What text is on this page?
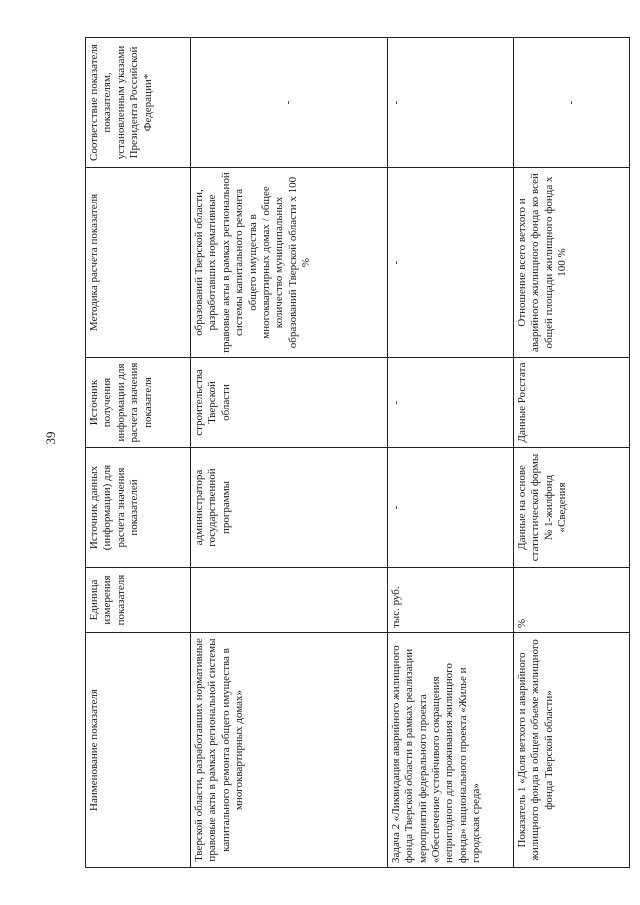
39
Наименование показателя	Единица измерения показателя	Источник данных (информации) для расчета значения показателей	Источник получения информации для расчета значения показателя	Методика расчета показателя	Соответствие показателя показателям, установленным указами Президента Российской Федерации*
Тверской области, разработавших нормативные правовые акты в рамках региональной системы капитального ремонта общего имущества в многоквартирных домах»		администратора государственной программы	строительства Тверской области	образований Тверской области, разработавших нормативные правовые акты в рамках региональной системы капитального ремонта общего имущества в многоквартирных домах / общее количество муниципальных образований Тверской области х 100 %	-
Задача 2 «Ликвидация аварийного жилищного фонда Тверской области в рамках реализации мероприятий федерального проекта «Обеспечение устойчивого сокращения непригодного для проживания жилищного фонда» национального проекта «Жилье и городская среда»	тыс. руб.	-	-	-	-
Показатель 1 «Доля ветхого и аварийного жилищного фонда в общем объеме жилищного фонда Тверской области»	%	Данные на основе статистической формы № 1-жилфонд «Сведения	Данные Росстата	Отношение всего ветхого и аварийного жилищного фонда ко всей общей площади жилищного фонда х 100 %	-
